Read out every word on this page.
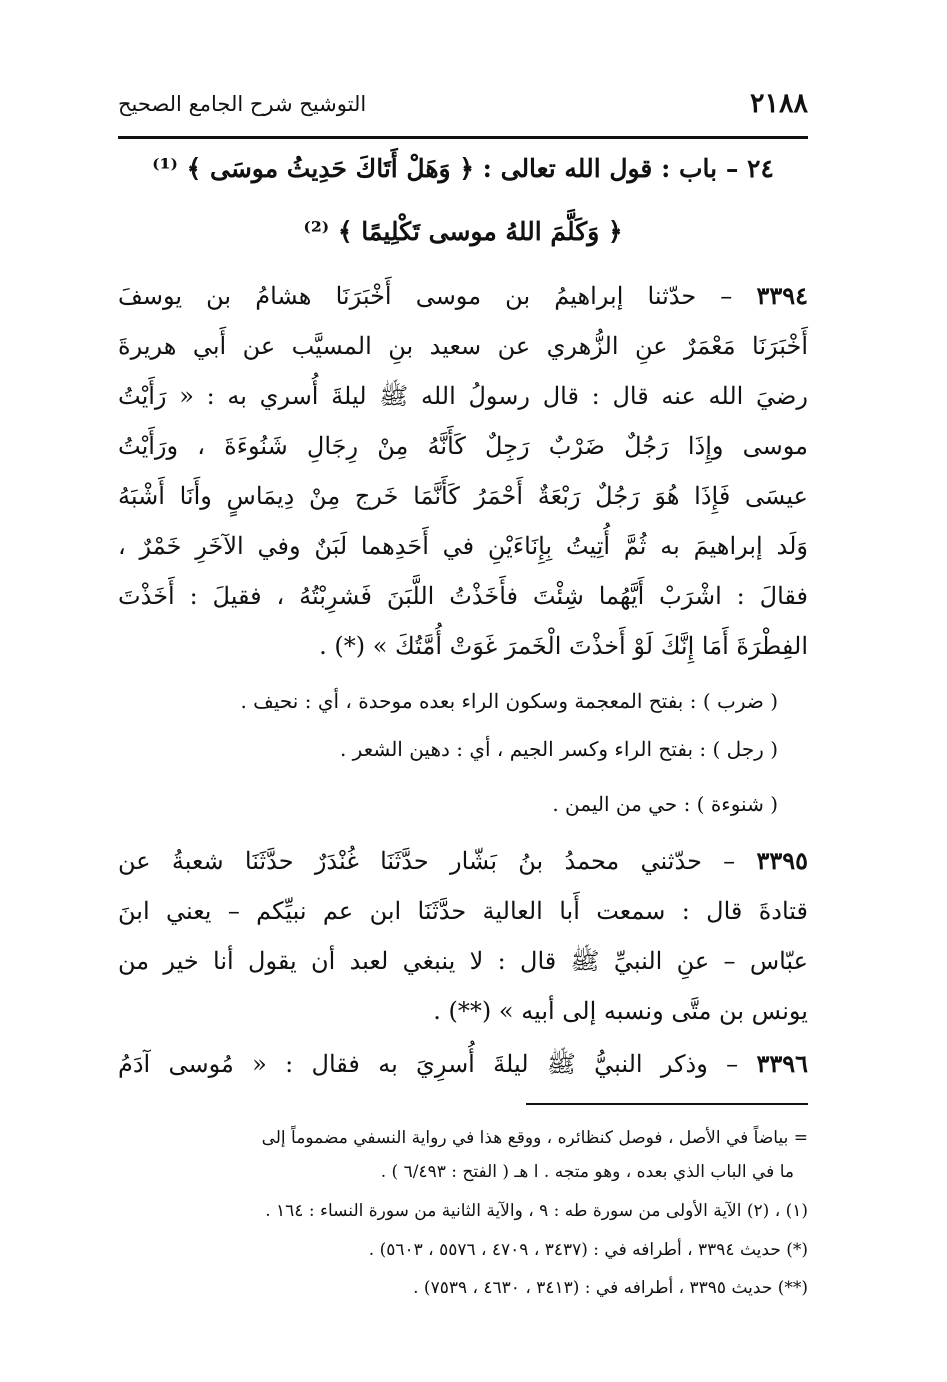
٢١٨٨
التوشيح شرح الجامع الصحيح
٢٤ – باب : قول الله تعالى : ﴿ وَهَلْ أَتَاكَ حَدِيثُ موسَى ﴾ ⁽¹⁾
﴿ وَكَلَّمَ اللهُ موسى تَكْلِيمًا ﴾ ⁽²⁾
٣٣٩٤ – حدّثنا إبراهيمُ بن موسى أَخْبَرَنَا هشامُ بن يوسفَ
أَخْبَرَنَا مَعْمَرٌ عنِ الزُّهري عن سعيد بنِ المسيَّب عن أَبي هريرةَ
رضيَ الله عنه قال : قال رسولُ الله ﷺ ليلةَ أُسري به : « رَأَيْتُ
موسى وإِذَا رَجُلٌ ضَرْبٌ رَجِلٌ كَأَنَّهُ مِنْ رِجَالِ شَنُوءَةَ ، ورَأَيْتُ
عيسَى فَإِذَا هُوَ رَجُلٌ رَبْعَةٌ أَحْمَرُ كَأَنَّمَا خَرج مِنْ دِيمَاسٍ وأَنَا أَشْبَهُ
وَلَد إبراهيمَ به ثُمَّ أُتِيتُ بِإِنَاءَيْنِ في أَحَدِهما لَبَنٌ وفي الآخَرِ خَمْرٌ ،
فقالَ : اشْرَبْ أَيَّهُما شِئْتَ فأَخَذْتُ اللَّبَنَ فَشرِبْتُهُ ، فقيلَ : أَخَذْتَ
الفِطْرَةَ أَمَا إِنَّكَ لَوْ أَخذْتَ الْخَمرَ غَوَتْ أُمَّتُكَ » (*) .
( ضرب ) : بفتح المعجمة وسكون الراء بعده موحدة ، أي : نحيف .
( رجل ) : بفتح الراء وكسر الجيم ، أي : دهين الشعر .
( شنوءة ) : حي من اليمن .
٣٣٩٥ – حدّثني محمدُ بنُ بَشّار حدَّثَنَا غُنْدَرٌ حدَّثَنَا شعبةُ عن
قتادةَ قال : سمعت أَبا العالية حدَّثَنَا ابن عم نبيِّكم – يعني ابنَ
عبّاس – عنِ النبيِّ ﷺ قال : لا ينبغي لعبد أن يقول أنا خير من
يونس بن متَّى ونسبه إلى أبيه » (**) .
٣٣٩٦ – وذكر النبيُّ ﷺ ليلةَ أُسرِيَ به فقال : « مُوسى آدَمُ
= بياضاً في الأصل ، فوصل كنظائره ، ووقع هذا في رواية النسفي مضموماً إلى
ما في الباب الذي بعده ، وهو متجه . ا هـ ( الفتح : ٦/٤٩٣ ) .
(١) ، (٢) الآية الأولى من سورة طه : ٩ ، والآية الثانية من سورة النساء : ١٦٤ .
(*) حديث ٣٣٩٤ ، أطرافه في : (٣٤٣٧ ، ٤٧٠٩ ، ٥٥٧٦ ، ٥٦٠٣) .
(**) حديث ٣٣٩٥ ، أطرافه في : (٣٤١٣ ، ٤٦٣٠ ، ٧٥٣٩) .
